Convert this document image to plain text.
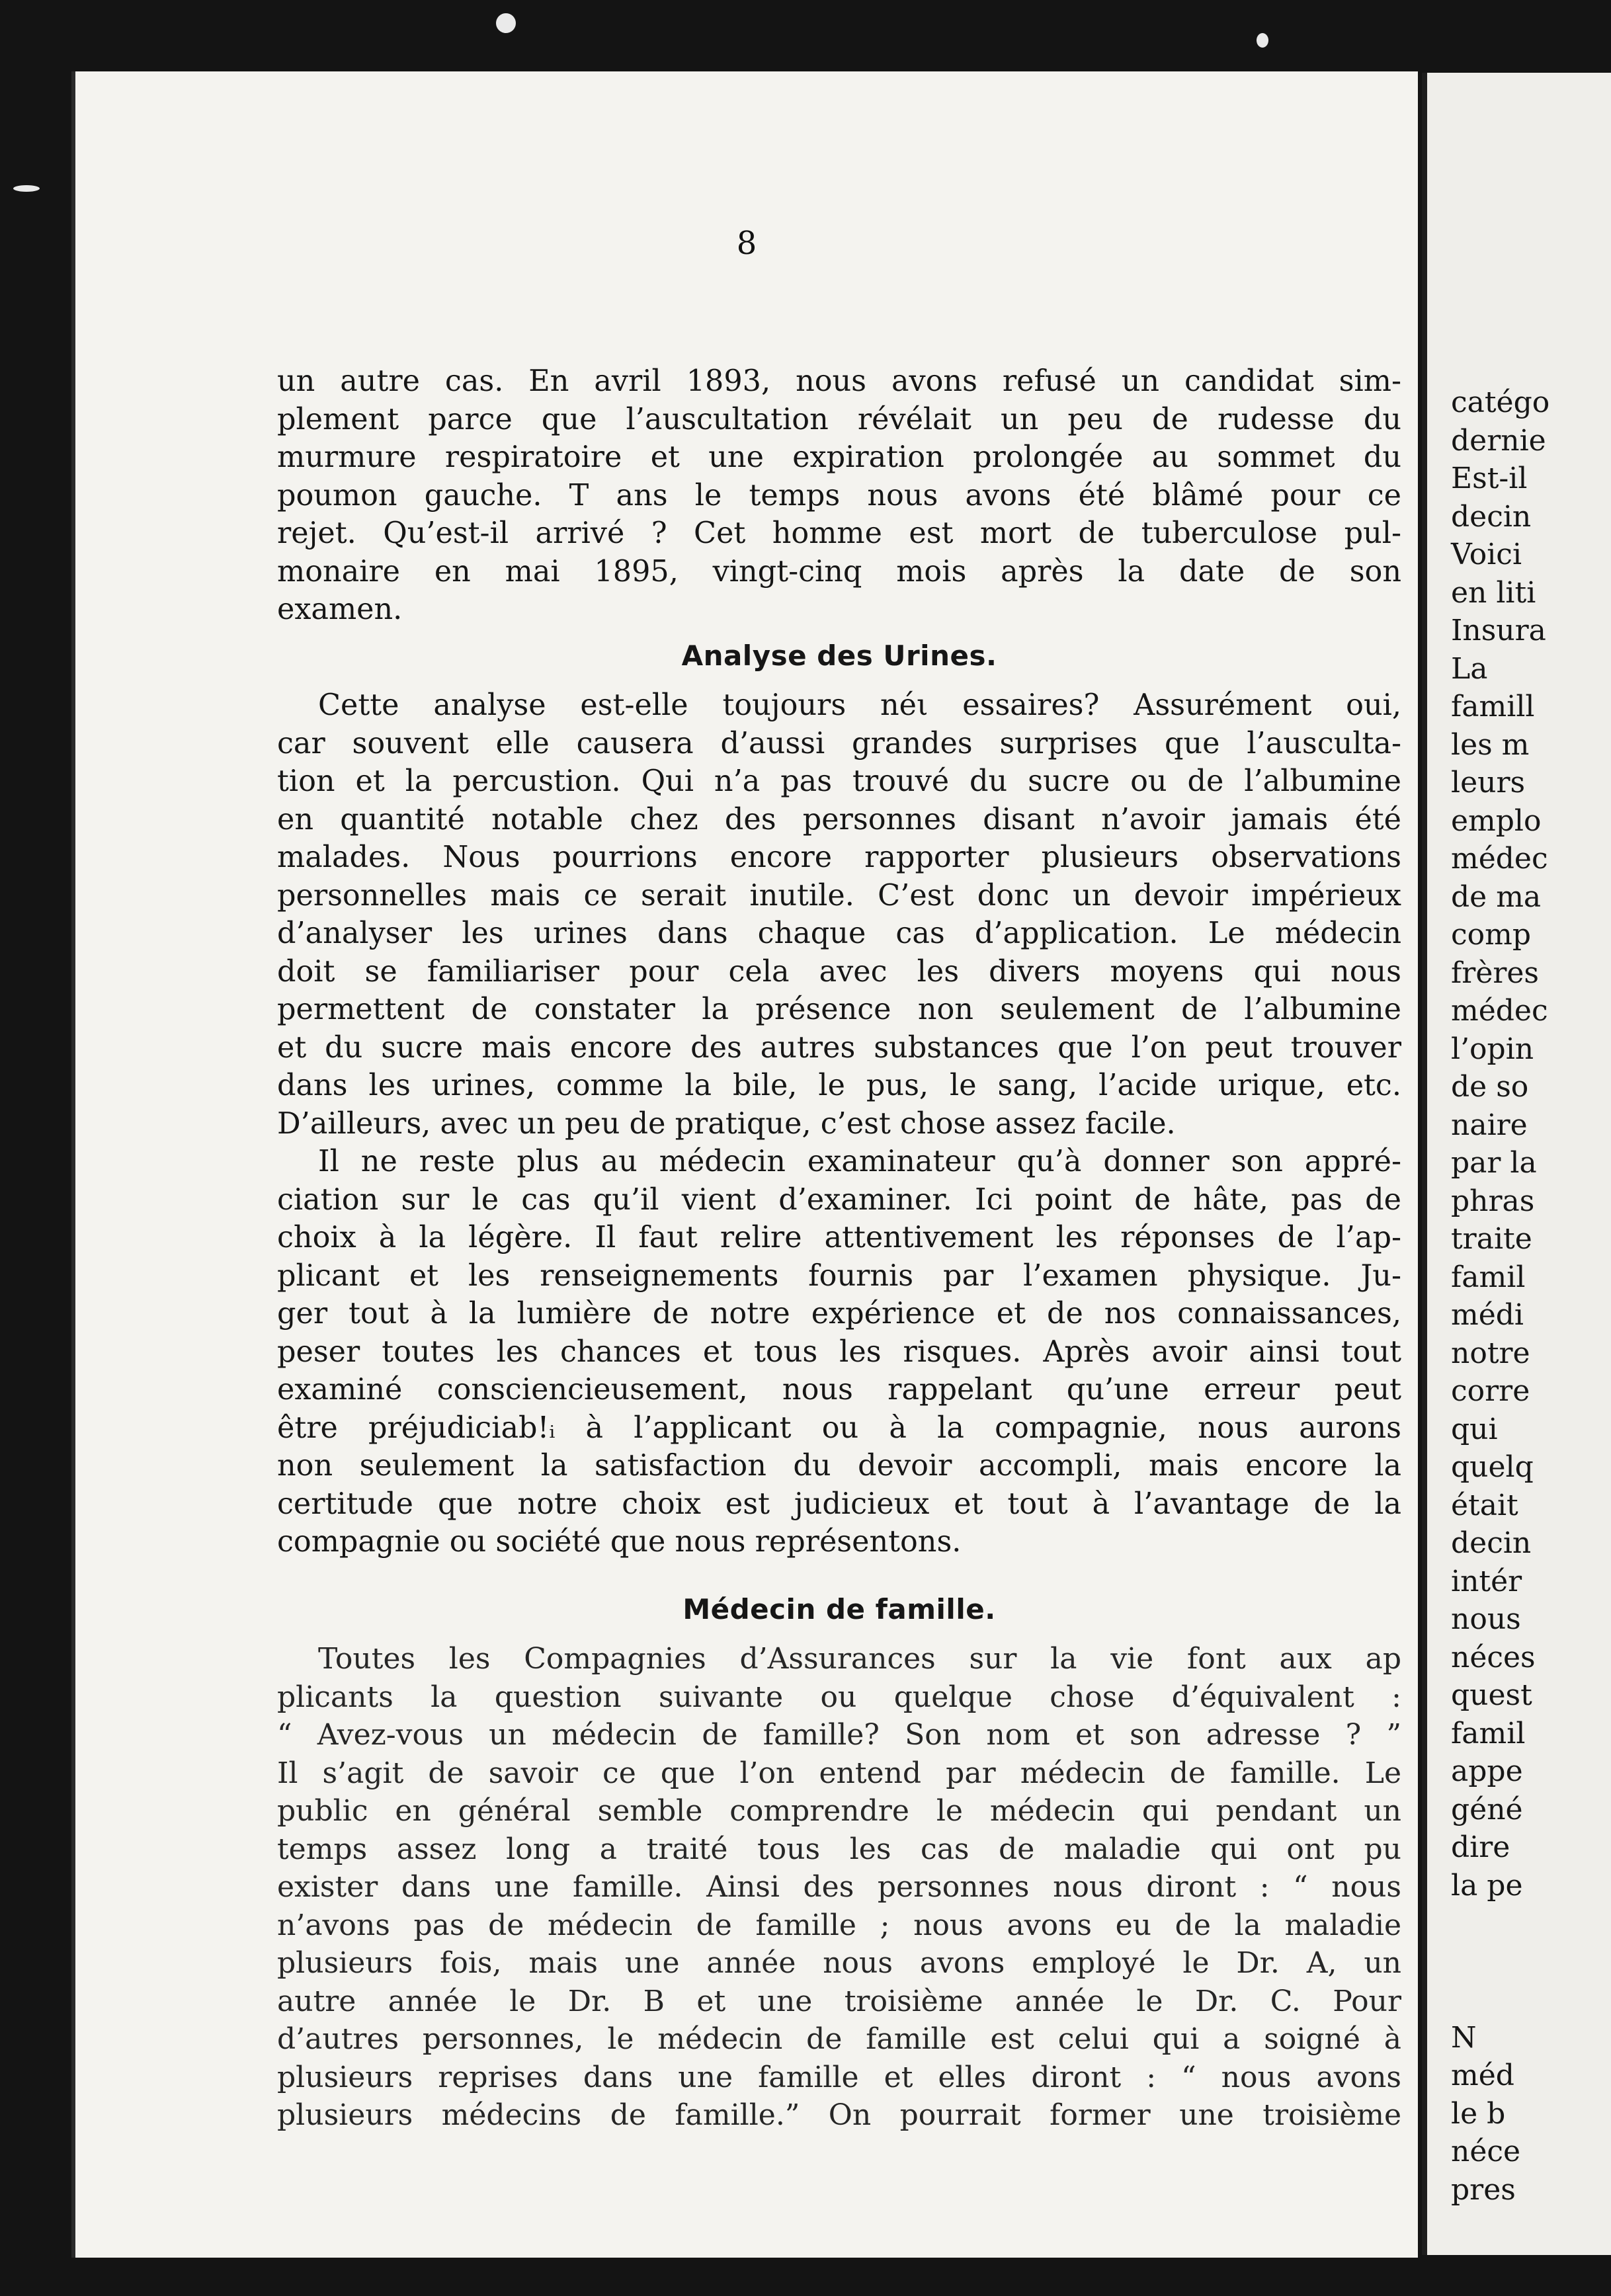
8
un autre cas. En avril 1893, nous avons refusé un candidat sim-
plement parce que l’auscultation révélait un peu de rudesse du
murmure respiratoire et une expiration prolongée au sommet du
poumon gauche. T ans le temps nous avons été blâmé pour ce
rejet. Qu’est-il arrivé ? Cet homme est mort de tuberculose pul-
monaire en mai 1895, vingt-cinq mois après la date de son
examen.
Analyse des Urines.
Cette analyse est-elle toujours néι essaires? Assurément oui,
car souvent elle causera d’aussi grandes surprises que l’ausculta-
tion et la percustion. Qui n’a pas trouvé du sucre ou de l’albumine
en quantité notable chez des personnes disant n’avoir jamais été
malades. Nous pourrions encore rapporter plusieurs observations
personnelles mais ce serait inutile. C’est donc un devoir impérieux
d’analyser les urines dans chaque cas d’application. Le médecin
doit se familiariser pour cela avec les divers moyens qui nous
permettent de constater la présence non seulement de l’albumine
et du sucre mais encore des autres substances que l’on peut trouver
dans les urines, comme la bile, le pus, le sang, l’acide urique, etc.
D’ailleurs, avec un peu de pratique, c’est chose assez facile.
Il ne reste plus au médecin examinateur qu’à donner son appré-
ciation sur le cas qu’il vient d’examiner. Ici point de hâte, pas de
choix à la légère. Il faut relire attentivement les réponses de l’ap-
plicant et les renseignements fournis par l’examen physique. Ju-
ger tout à la lumière de notre expérience et de nos connaissances,
peser toutes les chances et tous les risques. Après avoir ainsi tout
examiné consciencieusement, nous rappelant qu’une erreur peut
être préjudiciab!ᵢ à l’applicant ou à la compagnie, nous aurons
non seulement la satisfaction du devoir accompli, mais encore la
certitude que notre choix est judicieux et tout à l’avantage de la
compagnie ou société que nous représentons.
Médecin de famille.
Toutes les Compagnies d’Assurances sur la vie font aux ap
plicants la question suivante ou quelque chose d’équivalent :
“ Avez-vous un médecin de famille? Son nom et son adresse ? ”
Il s’agit de savoir ce que l’on entend par médecin de famille. Le
public en général semble comprendre le médecin qui pendant un
temps assez long a traité tous les cas de maladie qui ont pu
exister dans une famille. Ainsi des personnes nous diront : “ nous
n’avons pas de médecin de famille ; nous avons eu de la maladie
plusieurs fois, mais une année nous avons employé le Dr. A, un
autre année le Dr. B et une troisième année le Dr. C. Pour
d’autres personnes, le médecin de famille est celui qui a soigné à
plusieurs reprises dans une famille et elles diront : “ nous avons
plusieurs médecins de famille.” On pourrait former une troisième
catégo
dernie
Est-il
decin
Voici
en liti
Insura
La
famill
les m
leurs
emplo
médec
de ma
comp
frères
médec
l’opin
de so
naire
par la
phras
traite
famil
médi
notre
corre
qui
quelq
était
decin
intér
nous
néces
quest
famil
appe
géné
dire
la pe

N
méd
le b
néce
pres
